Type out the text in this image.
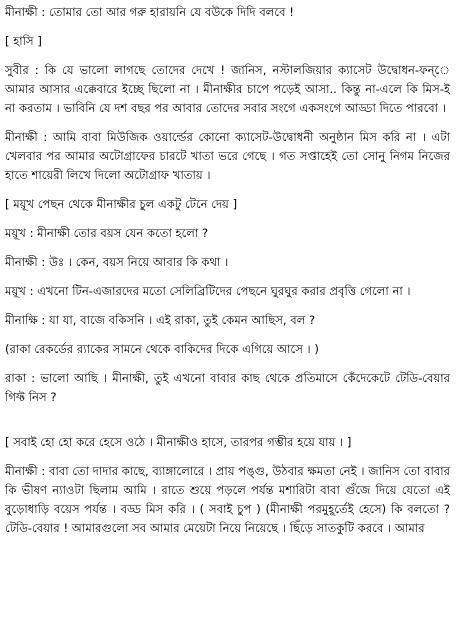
মীনাক্ষী : তোমার তো আর গরু হারায়নি যে বউকে দিদি বলবে !

[ হাসি ]

সুবীর : কি যে ভালো লাগছে তোদের দেখে ! জানিস, নস্টালজিয়ার ক্যাসেট উদ্বোধন-ফন্ে আমার আসার এক্কেবারে ইচ্ছে ছিলো না । মীনাক্ষীর চাপে পড়েই আসা.. কিন্তু না-এলে কি মিস-ই না করতাম । ভাবিনি যে দশ বছর পর আবার তোদের সবার সংগে একসংগে আড্ডা দিতে পারবো ।

মীনাক্ষী : আমি বাবা মিউজিক ওয়ার্ল্ডের কোনো ক্যাসেট-উদ্বোধনী অনুষ্ঠান মিস করি না । এটা খেলবার পর আমার অটোগ্রাফের চারটে খাতা ভরে গেছে । গত সপ্তাহেই তো সোনু নিগম নিজের হাতে শায়েরী লিখে দিলো অটোগ্রাফ খাতায় ।

[ ময়ূখ পেছন থেকে মীনাক্ষীর চুল একটু টেনে দেয় ]

ময়ূখ : মীনাক্ষী তোর বয়স যেন কতো হলো ?

মীনাক্ষী : উঃ । কেন, বয়স নিয়ে আবার কি কথা ।

ময়ূখ : এখনো টিন-এজারদের মতো সেলিব্রিটিদের পেছনে ঘুরঘুর করার প্রবৃত্তি গেলো না ।

মীনাক্ষি : যা যা, বাজে বকিসনি । এই রাকা, তুই কেমন আছিস, বল ?

(রাকা রেকর্ডের র‍্যাকের সামনে থেকে বাকিদের দিকে এগিয়ে আসে । )

রাকা : ভালো আছি । মীনাক্ষী, তুই এখনো বাবার কাছ থেকে প্রতিমাসে কেঁদেকেটে টেডি-বেয়ার গিফ্ট নিস ?

[ সবাই হো হো করে হেসে ওঠে । মীনাক্ষীও হাসে, তারপর গম্ভীর হয়ে যায় । ]

মীনাক্ষী : বাবা তো দাদার কাছে, ব্যাঙ্গালোরে । প্রায় পঙ্গু, উঠবার ক্ষমতা নেই । জানিস তো বাবার কি ভীষণ ন্যাওটা ছিলাম আমি । রাতে শুয়ে পড়লে পর্যন্ত মশারিটা বাবা গুঁজে দিয়ে যেতো এই বুড়োধাড়ি বয়েস পর্যন্ত । বড্ড মিস করি । ( সবাই চুপ ) (মীনাক্ষী পরমুহূর্তেই হেসে) কি বলতো ? টেডি-বেয়ার ! আমারগুলো সব আমার মেয়েটা নিয়ে নিয়েছে । ছিঁড়ে সাতকুটি করবে । আমার
